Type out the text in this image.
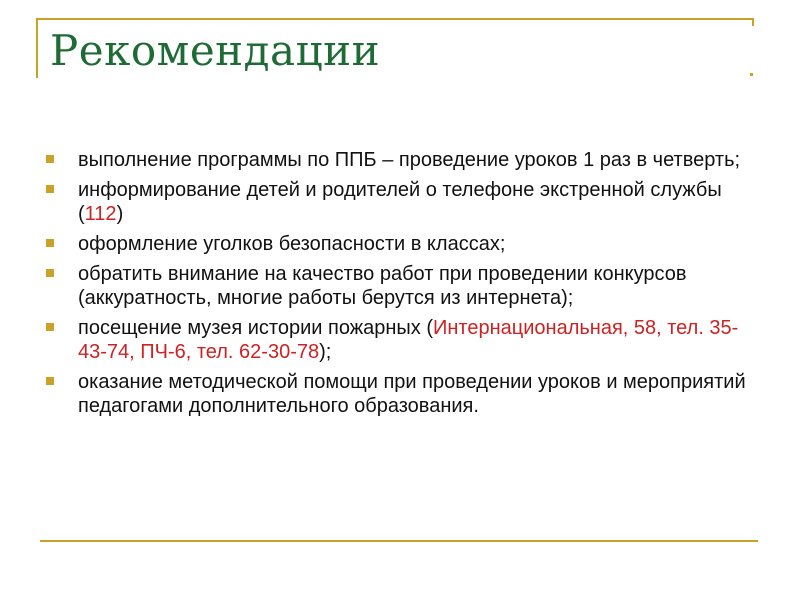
Рекомендации
выполнение программы по ППБ – проведение уроков 1 раз в четверть;
информирование детей и родителей о телефоне экстренной службы (112)
оформление уголков безопасности в классах;
обратить внимание на качество работ при проведении конкурсов (аккуратность, многие работы берутся из интернета);
посещение музея истории пожарных (Интернациональная, 58, тел. 35-43-74, ПЧ-6, тел. 62-30-78);
оказание методической помощи при проведении уроков и мероприятий педагогами дополнительного образования.
